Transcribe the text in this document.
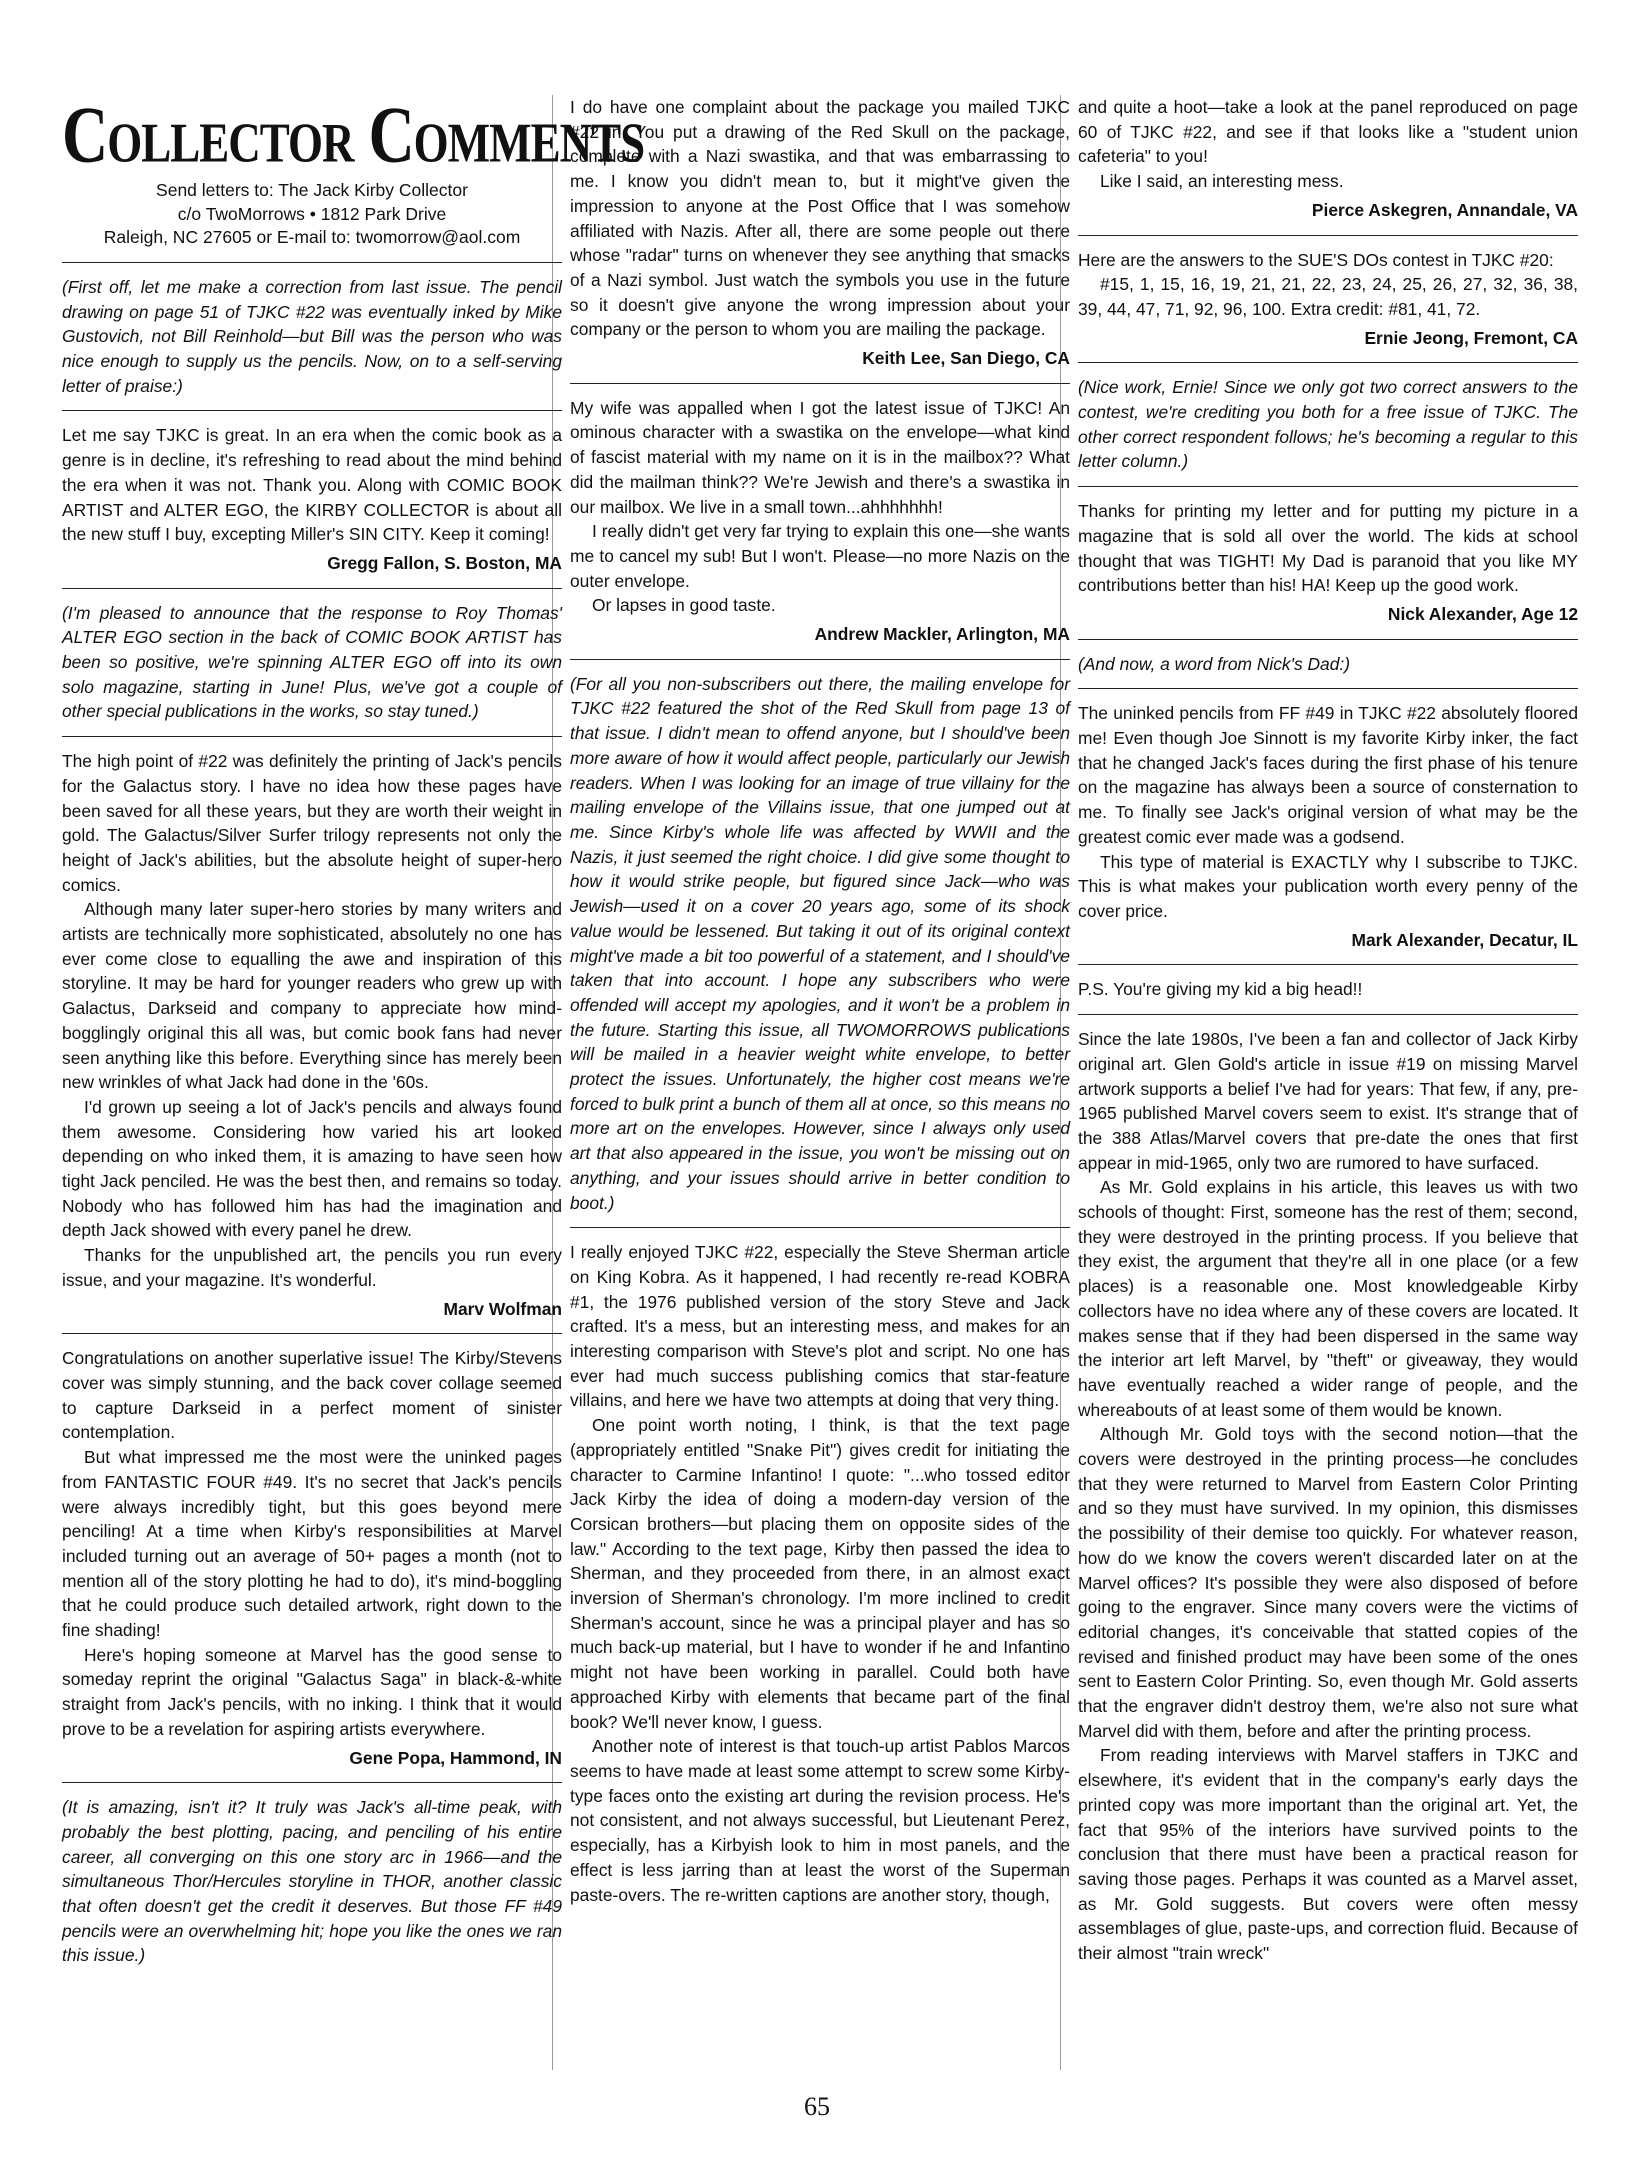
Collector Comments
Send letters to: The Jack Kirby Collector
c/o TwoMorrows • 1812 Park Drive
Raleigh, NC 27605 or E-mail to: twomorrow@aol.com

(First off, let me make a correction from last issue. The pencil drawing on page 51 of TJKC #22 was eventually inked by Mike Gustovich, not Bill Reinhold—but Bill was the person who was nice enough to supply us the pencils. Now, on to a self-serving letter of praise:)

Let me say TJKC is great. In an era when the comic book as a genre is in decline, it's refreshing to read about the mind behind the era when it was not. Thank you. Along with COMIC BOOK ARTIST and ALTER EGO, the KIRBY COLLECTOR is about all the new stuff I buy, excepting Miller's SIN CITY. Keep it coming!

Gregg Fallon, S. Boston, MA

(I'm pleased to announce that the response to Roy Thomas' ALTER EGO section in the back of COMIC BOOK ARTIST has been so positive, we're spinning ALTER EGO off into its own solo magazine, starting in June! Plus, we've got a couple of other special publications in the works, so stay tuned.)

The high point of #22 was definitely the printing of Jack's pencils for the Galactus story. I have no idea how these pages have been saved for all these years, but they are worth their weight in gold. The Galactus/Silver Surfer trilogy represents not only the height of Jack's abilities, but the absolute height of super-hero comics.

Although many later super-hero stories by many writers and artists are technically more sophisticated, absolutely no one has ever come close to equalling the awe and inspiration of this storyline. It may be hard for younger readers who grew up with Galactus, Darkseid and company to appreciate how mind-bogglingly original this all was, but comic book fans had never seen anything like this before. Everything since has merely been new wrinkles of what Jack had done in the '60s.

I'd grown up seeing a lot of Jack's pencils and always found them awesome. Considering how varied his art looked depending on who inked them, it is amazing to have seen how tight Jack penciled. He was the best then, and remains so today. Nobody who has followed him has had the imagination and depth Jack showed with every panel he drew.

Thanks for the unpublished art, the pencils you run every issue, and your magazine. It's wonderful.

Marv Wolfman

Congratulations on another superlative issue! The Kirby/Stevens cover was simply stunning, and the back cover collage seemed to capture Darkseid in a perfect moment of sinister contemplation.

But what impressed me the most were the uninked pages from FANTASTIC FOUR #49. It's no secret that Jack's pencils were always incredibly tight, but this goes beyond mere penciling! At a time when Kirby's responsibilities at Marvel included turning out an average of 50+ pages a month (not to mention all of the story plotting he had to do), it's mind-boggling that he could produce such detailed artwork, right down to the fine shading!

Here's hoping someone at Marvel has the good sense to someday reprint the original "Galactus Saga" in black-&-white straight from Jack's pencils, with no inking. I think that it would prove to be a revelation for aspiring artists everywhere.

Gene Popa, Hammond, IN

(It is amazing, isn't it? It truly was Jack's all-time peak, with probably the best plotting, pacing, and penciling of his entire career, all converging on this one story arc in 1966—and the simultaneous Thor/Hercules storyline in THOR, another classic that often doesn't get the credit it deserves. But those FF #49 pencils were an overwhelming hit; hope you like the ones we ran this issue.)

I do have one complaint about the package you mailed TJKC #22 in. You put a drawing of the Red Skull on the package, complete with a Nazi swastika, and that was embarrassing to me. I know you didn't mean to, but it might've given the impression to anyone at the Post Office that I was somehow affiliated with Nazis. After all, there are some people out there whose "radar" turns on whenever they see anything that smacks of a Nazi symbol. Just watch the symbols you use in the future so it doesn't give anyone the wrong impression about your company or the person to whom you are mailing the package.

Keith Lee, San Diego, CA

My wife was appalled when I got the latest issue of TJKC! An ominous character with a swastika on the envelope—what kind of fascist material with my name on it is in the mailbox?? What did the mailman think?? We're Jewish and there's a swastika in our mailbox. We live in a small town...ahhhhhhh!

I really didn't get very far trying to explain this one—she wants me to cancel my sub! But I won't. Please—no more Nazis on the outer envelope.

Or lapses in good taste.

Andrew Mackler, Arlington, MA

(For all you non-subscribers out there, the mailing envelope for TJKC #22 featured the shot of the Red Skull from page 13 of that issue. I didn't mean to offend anyone, but I should've been more aware of how it would affect people, particularly our Jewish readers. When I was looking for an image of true villainy for the mailing envelope of the Villains issue, that one jumped out at me. Since Kirby's whole life was affected by WWII and the Nazis, it just seemed the right choice. I did give some thought to how it would strike people, but figured since Jack—who was Jewish—used it on a cover 20 years ago, some of its shock value would be lessened. But taking it out of its original context might've made a bit too powerful of a statement, and I should've taken that into account. I hope any subscribers who were offended will accept my apologies, and it won't be a problem in the future. Starting this issue, all TWOMORROWS publications will be mailed in a heavier weight white envelope, to better protect the issues. Unfortunately, the higher cost means we're forced to bulk print a bunch of them all at once, so this means no more art on the envelopes. However, since I always only used art that also appeared in the issue, you won't be missing out on anything, and your issues should arrive in better condition to boot.)

I really enjoyed TJKC #22, especially the Steve Sherman article on King Kobra. As it happened, I had recently re-read KOBRA #1, the 1976 published version of the story Steve and Jack crafted. It's a mess, but an interesting mess, and makes for an interesting comparison with Steve's plot and script. No one has ever had much success publishing comics that star-feature villains, and here we have two attempts at doing that very thing.

One point worth noting, I think, is that the text page (appropriately entitled "Snake Pit") gives credit for initiating the character to Carmine Infantino! I quote: "...who tossed editor Jack Kirby the idea of doing a modern-day version of the Corsican brothers—but placing them on opposite sides of the law." According to the text page, Kirby then passed the idea to Sherman, and they proceeded from there, in an almost exact inversion of Sherman's chronology. I'm more inclined to credit Sherman's account, since he was a principal player and has so much back-up material, but I have to wonder if he and Infantino might not have been working in parallel. Could both have approached Kirby with elements that became part of the final book? We'll never know, I guess.

Another note of interest is that touch-up artist Pablos Marcos seems to have made at least some attempt to screw some Kirby-type faces onto the existing art during the revision process. He's not consistent, and not always successful, but Lieutenant Perez, especially, has a Kirbyish look to him in most panels, and the effect is less jarring than at least the worst of the Superman paste-overs. The re-written captions are another story, though,

and quite a hoot—take a look at the panel reproduced on page 60 of TJKC #22, and see if that looks like a "student union cafeteria" to you!

Like I said, an interesting mess.

Pierce Askegren, Annandale, VA

Here are the answers to the SUE'S DOs contest in TJKC #20:

#15, 1, 15, 16, 19, 21, 21, 22, 23, 24, 25, 26, 27, 32, 36, 38, 39, 44, 47, 71, 92, 96, 100. Extra credit: #81, 41, 72.

Ernie Jeong, Fremont, CA

(Nice work, Ernie! Since we only got two correct answers to the contest, we're crediting you both for a free issue of TJKC. The other correct respondent follows; he's becoming a regular to this letter column.)

Thanks for printing my letter and for putting my picture in a magazine that is sold all over the world. The kids at school thought that was TIGHT! My Dad is paranoid that you like MY contributions better than his! HA! Keep up the good work.

Nick Alexander, Age 12

(And now, a word from Nick's Dad:)

The uninked pencils from FF #49 in TJKC #22 absolutely floored me! Even though Joe Sinnott is my favorite Kirby inker, the fact that he changed Jack's faces during the first phase of his tenure on the magazine has always been a source of consternation to me. To finally see Jack's original version of what may be the greatest comic ever made was a godsend.

This type of material is EXACTLY why I subscribe to TJKC. This is what makes your publication worth every penny of the cover price.

Mark Alexander, Decatur, IL

P.S. You're giving my kid a big head!!

Since the late 1980s, I've been a fan and collector of Jack Kirby original art. Glen Gold's article in issue #19 on missing Marvel artwork supports a belief I've had for years: That few, if any, pre-1965 published Marvel covers seem to exist. It's strange that of the 388 Atlas/Marvel covers that pre-date the ones that first appear in mid-1965, only two are rumored to have surfaced.

As Mr. Gold explains in his article, this leaves us with two schools of thought: First, someone has the rest of them; second, they were destroyed in the printing process. If you believe that they exist, the argument that they're all in one place (or a few places) is a reasonable one. Most knowledgeable Kirby collectors have no idea where any of these covers are located. It makes sense that if they had been dispersed in the same way the interior art left Marvel, by "theft" or giveaway, they would have eventually reached a wider range of people, and the whereabouts of at least some of them would be known.

Although Mr. Gold toys with the second notion—that the covers were destroyed in the printing process—he concludes that they were returned to Marvel from Eastern Color Printing and so they must have survived. In my opinion, this dismisses the possibility of their demise too quickly. For whatever reason, how do we know the covers weren't discarded later on at the Marvel offices? It's possible they were also disposed of before going to the engraver. Since many covers were the victims of editorial changes, it's conceivable that statted copies of the revised and finished product may have been some of the ones sent to Eastern Color Printing. So, even though Mr. Gold asserts that the engraver didn't destroy them, we're also not sure what Marvel did with them, before and after the printing process.

From reading interviews with Marvel staffers in TJKC and elsewhere, it's evident that in the company's early days the printed copy was more important than the original art. Yet, the fact that 95% of the interiors have survived points to the conclusion that there must have been a practical reason for saving those pages. Perhaps it was counted as a Marvel asset, as Mr. Gold suggests. But covers were often messy assemblages of glue, paste-ups, and correction fluid. Because of their almost "train wreck"

65
